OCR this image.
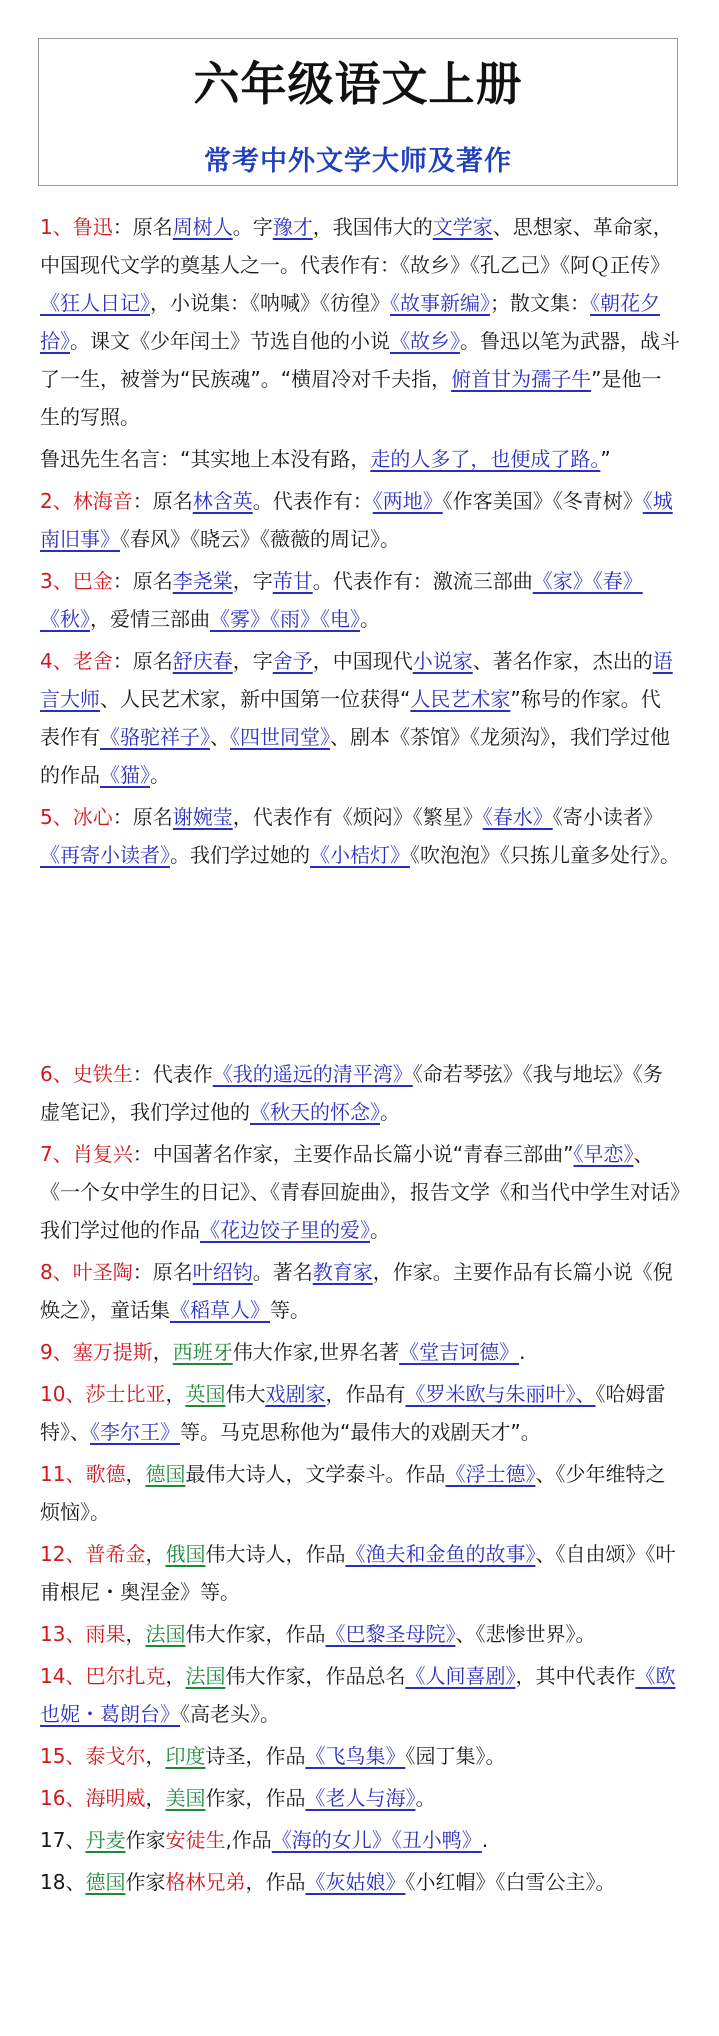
六年级语文上册
常考中外文学大师及著作

1、鲁迅：原名周树人。字豫才，我国伟大的文学家、思想家、革命家，中国现代文学的奠基人之一。代表作有：《故乡》《孔乙己》《阿Ｑ正传》《狂人日记》，小说集：《呐喊》《彷徨》《故事新编》；散文集：《朝花夕拾》。课文《少年闰土》节选自他的小说《故乡》。鲁迅以笔为武器，战斗了一生，被誉为“民族魂”。“横眉冷对千夫指，俯首甘为孺子牛”是他一生的写照。

鲁迅先生名言：“其实地上本没有路，走的人多了，也便成了路。”

2、林海音：原名林含英。代表作有：《两地》《作客美国》《冬青树》《城南旧事》《春风》《晓云》《薇薇的周记》。

3、巴金：原名李尧棠，字芾甘。代表作有：激流三部曲《家》《春》《秋》，爱情三部曲《雾》《雨》《电》。

4、老舍：原名舒庆春，字舍予，中国现代小说家、著名作家，杰出的语言大师、人民艺术家，新中国第一位获得“人民艺术家”称号的作家。代表作有《骆驼祥子》、《四世同堂》、剧本《茶馆》《龙须沟》，我们学过他的作品《猫》。

5、冰心：原名谢婉莹，代表作有《烦闷》《繁星》《春水》《寄小读者》《再寄小读者》。我们学过她的《小桔灯》《吹泡泡》《只拣儿童多处行》。

6、史铁生：代表作《我的遥远的清平湾》《命若琴弦》《我与地坛》《务虚笔记》，我们学过他的《秋天的怀念》。

7、肖复兴：中国著名作家，主要作品长篇小说“青春三部曲”《早恋》、《一个女中学生的日记》、《青春回旋曲》，报告文学《和当代中学生对话》我们学过他的作品《花边饺子里的爱》。

8、叶圣陶：原名叶绍钧。著名教育家，作家。主要作品有长篇小说《倪焕之》，童话集《稻草人》等。

9、塞万提斯，西班牙伟大作家,世界名著《堂吉诃德》.

10、莎士比亚，英国伟大戏剧家，作品有《罗米欧与朱丽叶》、《哈姆雷特》、《李尔王》等。马克思称他为“最伟大的戏剧天才”。

11、歌德，德国最伟大诗人，文学泰斗。作品《浮士德》、《少年维特之烦恼》。

12、普希金，俄国伟大诗人，作品《渔夫和金鱼的故事》、《自由颂》《叶甫根尼・奥涅金》等。

13、雨果，法国伟大作家，作品《巴黎圣母院》、《悲惨世界》。

14、巴尔扎克，法国伟大作家，作品总名《人间喜剧》，其中代表作《欧也妮・葛朗台》《高老头》。

15、泰戈尔，印度诗圣，作品《飞鸟集》《园丁集》。

16、海明威，美国作家，作品《老人与海》。

17、丹麦作家安徒生,作品《海的女儿》《丑小鸭》.

18、德国作家格林兄弟，作品《灰姑娘》《小红帽》《白雪公主》。
